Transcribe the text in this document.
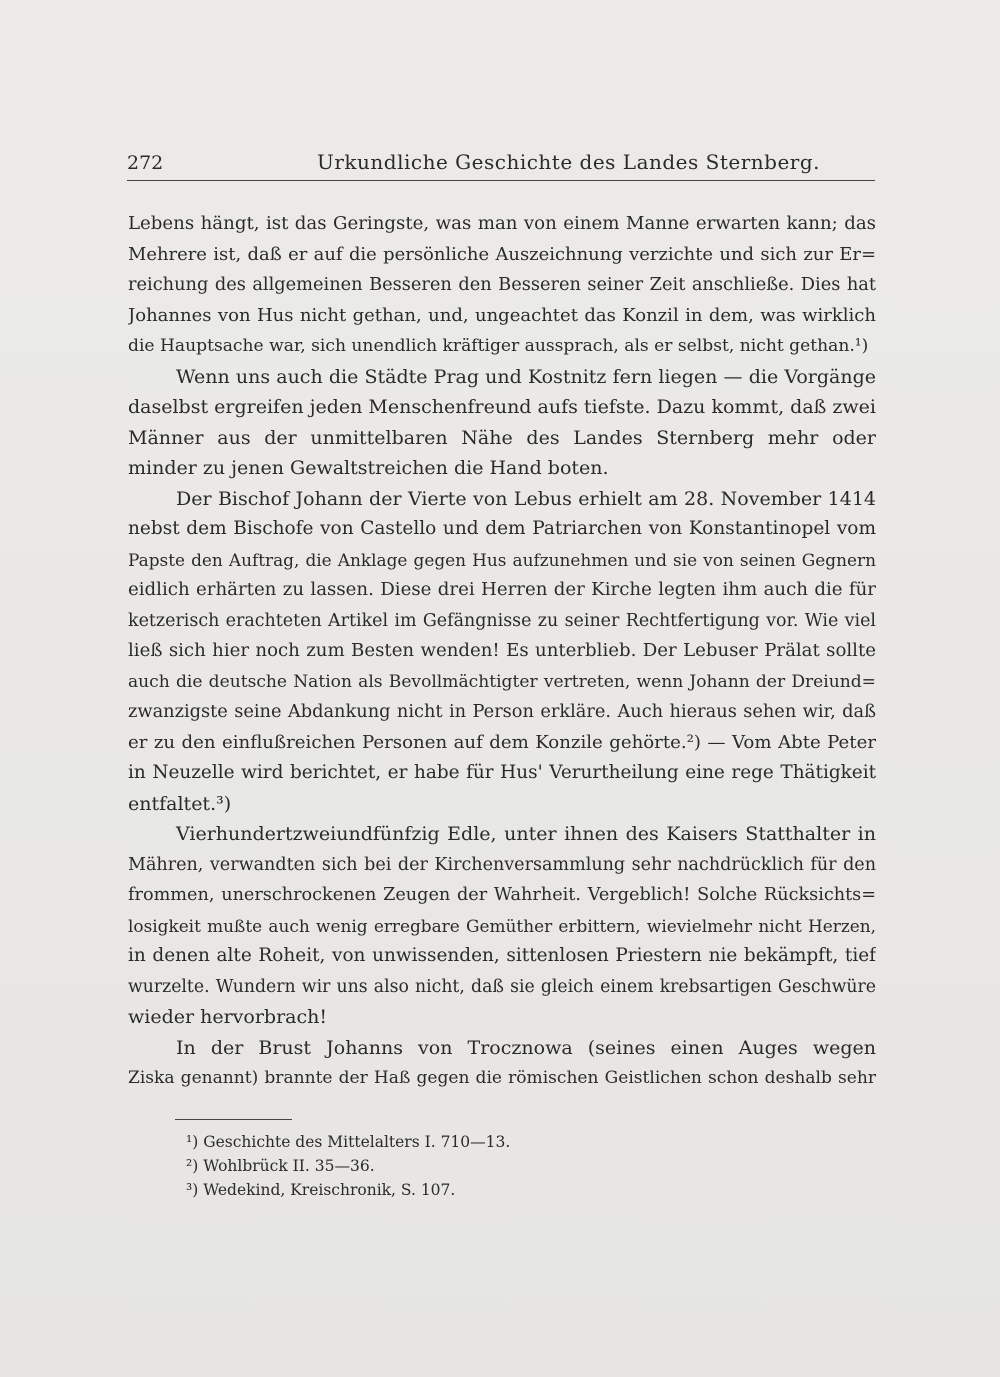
272	Urkundliche Geschichte des Landes Sternberg.
Lebens hängt, ist das Geringste, was man von einem Manne erwarten kann; das
Mehrere ist, daß er auf die persönliche Auszeichnung verzichte und sich zur Er=
reichung des allgemeinen Besseren den Besseren seiner Zeit anschließe. Dies hat
Johannes von Hus nicht gethan, und, ungeachtet das Konzil in dem, was wirklich
die Hauptsache war, sich unendlich kräftiger aussprach, als er selbst, nicht gethan.¹)
Wenn uns auch die Städte Prag und Kostnitz fern liegen — die Vorgänge
daselbst ergreifen jeden Menschenfreund aufs tiefste. Dazu kommt, daß zwei
Männer aus der unmittelbaren Nähe des Landes Sternberg mehr oder
minder zu jenen Gewaltstreichen die Hand boten.
Der Bischof Johann der Vierte von Lebus erhielt am 28. November 1414
nebst dem Bischofe von Castello und dem Patriarchen von Konstantinopel vom
Papste den Auftrag, die Anklage gegen Hus aufzunehmen und sie von seinen Gegnern
eidlich erhärten zu lassen. Diese drei Herren der Kirche legten ihm auch die für
ketzerisch erachteten Artikel im Gefängnisse zu seiner Rechtfertigung vor. Wie viel
ließ sich hier noch zum Besten wenden! Es unterblieb. Der Lebuser Prälat sollte
auch die deutsche Nation als Bevollmächtigter vertreten, wenn Johann der Dreiund=
zwanzigste seine Abdankung nicht in Person erkläre. Auch hieraus sehen wir, daß
er zu den einflußreichen Personen auf dem Konzile gehörte.²) — Vom Abte Peter
in Neuzelle wird berichtet, er habe für Hus' Verurtheilung eine rege Thätigkeit
entfaltet.³)
Vierhundertzweiundfünfzig Edle, unter ihnen des Kaisers Statthalter in
Mähren, verwandten sich bei der Kirchenversammlung sehr nachdrücklich für den
frommen, unerschrockenen Zeugen der Wahrheit. Vergeblich! Solche Rücksichts=
losigkeit mußte auch wenig erregbare Gemüther erbittern, wievielmehr nicht Herzen,
in denen alte Roheit, von unwissenden, sittenlosen Priestern nie bekämpft, tief
wurzelte. Wundern wir uns also nicht, daß sie gleich einem krebsartigen Geschwüre
wieder hervorbrach!
In der Brust Johanns von Trocznowa (seines einen Auges wegen
Ziska genannt) brannte der Haß gegen die römischen Geistlichen schon deshalb sehr
¹) Geschichte des Mittelalters I. 710—13.
²) Wohlbrück II. 35—36.
³) Wedekind, Kreischronik, S. 107.
